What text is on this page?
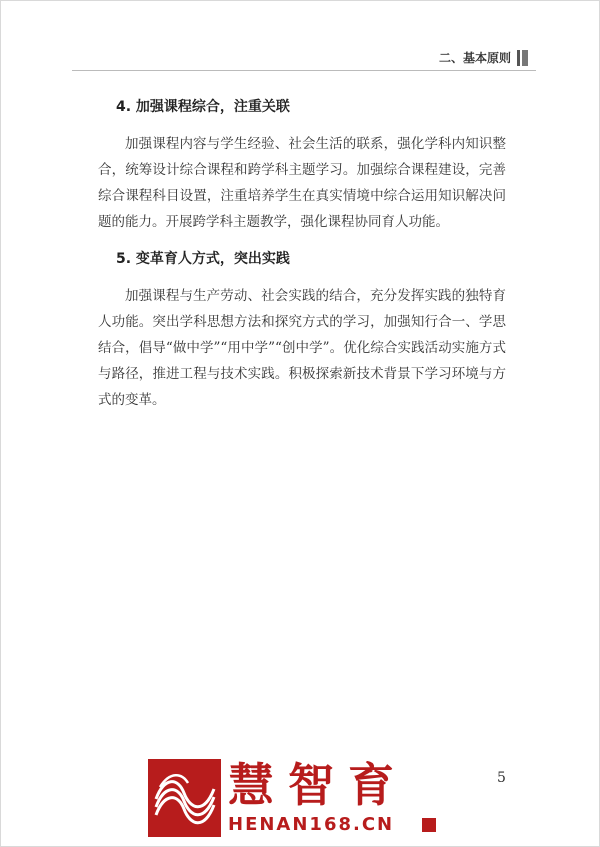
二、基本原则
4. 加强课程综合，注重关联

加强课程内容与学生经验、社会生活的联系，强化学科内知识整合，统筹设计综合课程和跨学科主题学习。加强综合课程建设，完善综合课程科目设置，注重培养学生在真实情境中综合运用知识解决问题的能力。开展跨学科主题教学，强化课程协同育人功能。

5. 变革育人方式，突出实践

加强课程与生产劳动、社会实践的结合，充分发挥实践的独特育人功能。突出学科思想方法和探究方式的学习，加强知行合一、学思结合，倡导“做中学”“用中学”“创中学”。优化综合实践活动实施方式与路径，推进工程与技术实践。积极探索新技术背景下学习环境与方式的变革。

5
慧智育
HENAN168.CN
